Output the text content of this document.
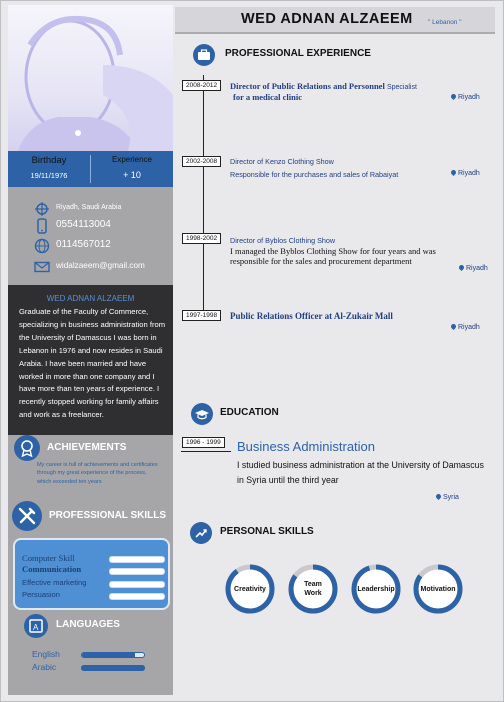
Birthday
19/11/1976
Experience
+ 10
Riyadh, Saudi Arabia
0554113004
0114567012
widalzaeem@gmail.com
WED ADNAN ALZAEEM
Graduate of the Faculty of Commerce, specializing in business administration from the University of Damascus I was born in Lebanon in 1976 and now resides in Saudi Arabia. I have been married and have worked in more than one company and I have more than ten years of experience. I recently stopped working for family affairs and work as a freelancer.
ACHIEVEMENTS
My career is full of achievements and certificates through my great experience of the process, which exceeded ten years
PROFESSIONAL SKILLS
Computer Skill
Communication
Effective marketing
Persuasion
A LANGUAGES
English
Arabic
WED ADNAN ALZAEEM " Lebanon "
PROFESSIONAL EXPERIENCE
2008-2012	Director of Public Relations and Personnel Specialist
for a medical clinic	Riyadh
2002-2008	Director of Kenzo Clothing Show
Responsible for the purchases and sales of Rabaiyat	Riyadh
1998-2002	Director of Byblos Clothing Show
I managed the Byblos Clothing Show for four years and was responsible for the sales and procurement department
Riyadh
1997-1998	Public Relations Officer at Al-Zukair Mall
Riyadh
EDUCATION
1996 - 1999	Business Administration
I studied business administration at the University of Damascus in Syria until the third year
Syria
PERSONAL SKILLS
Creativity
Team Work
Leadership	Motivation
